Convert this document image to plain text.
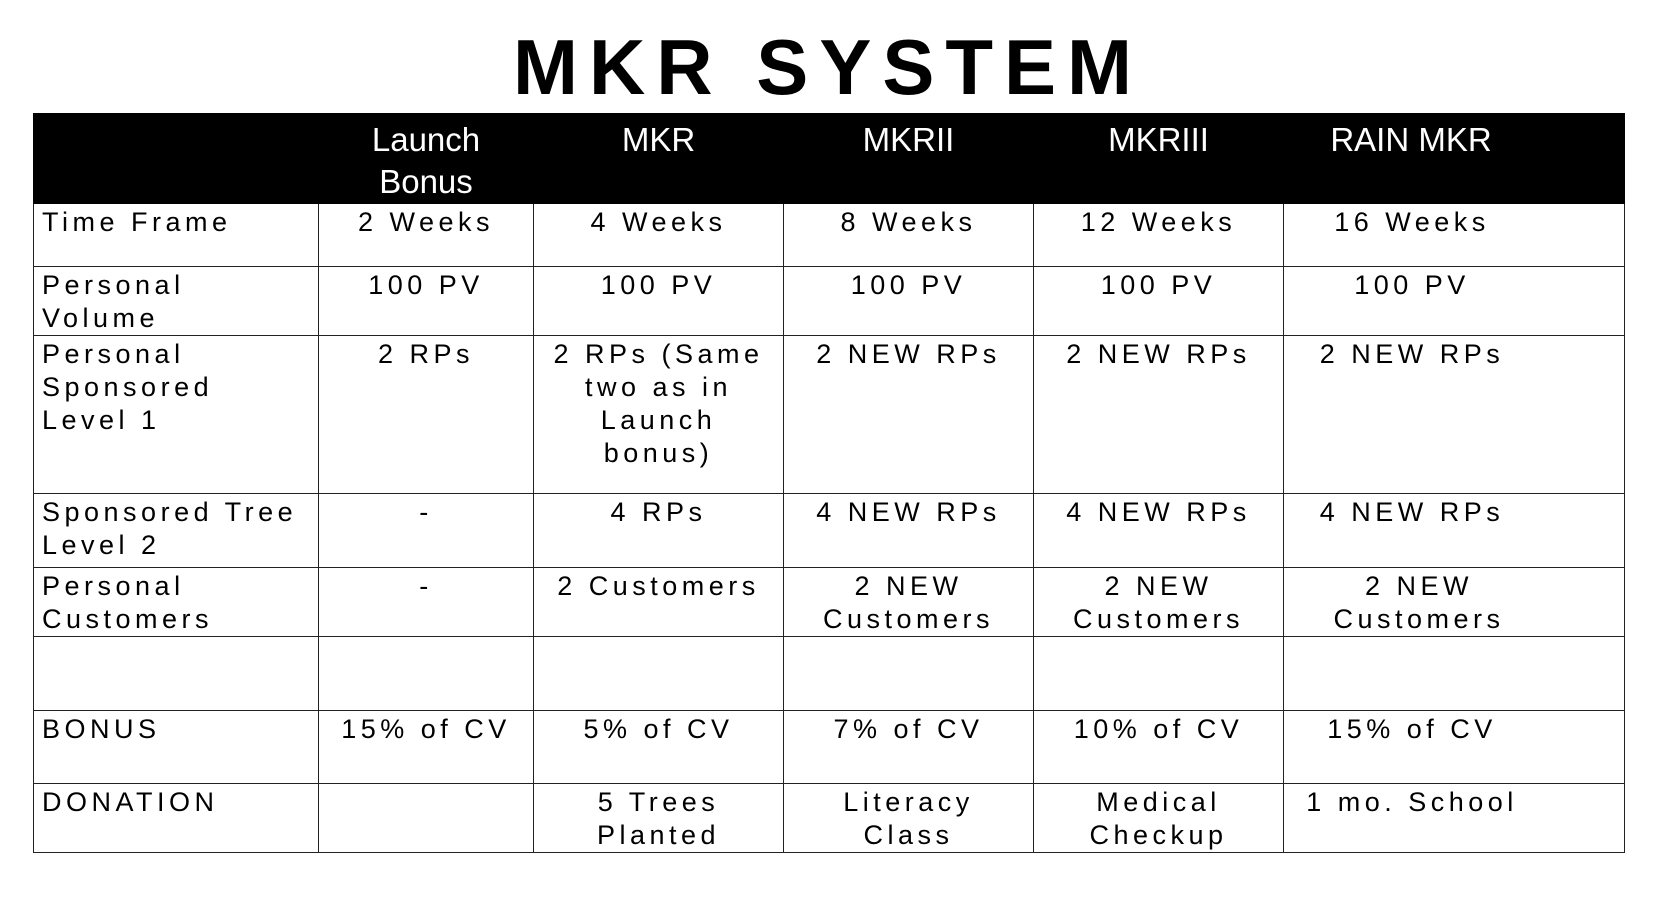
MKR SYSTEM
	Launch Bonus	MKR	MKRII	MKRIII	RAIN MKR
Time Frame	2 Weeks	4 Weeks	8 Weeks	12 Weeks	16 Weeks
Personal Volume	100 PV	100 PV	100 PV	100 PV	100 PV
Personal Sponsored Level 1	2 RPs	2 RPs (Same two as in Launch bonus)	2 NEW RPs	2 NEW RPs	2 NEW RPs
Sponsored Tree Level 2	-	4 RPs	4 NEW RPs	4 NEW RPs	4 NEW RPs
Personal Customers	-	2 Customers	2 NEW Customers	2 NEW Customers	2 NEW Customers

BONUS	15% of CV	5% of CV	7% of CV	10% of CV	15% of CV
DONATION		5 Trees Planted	Literacy Class	Medical Checkup	1 mo. School
